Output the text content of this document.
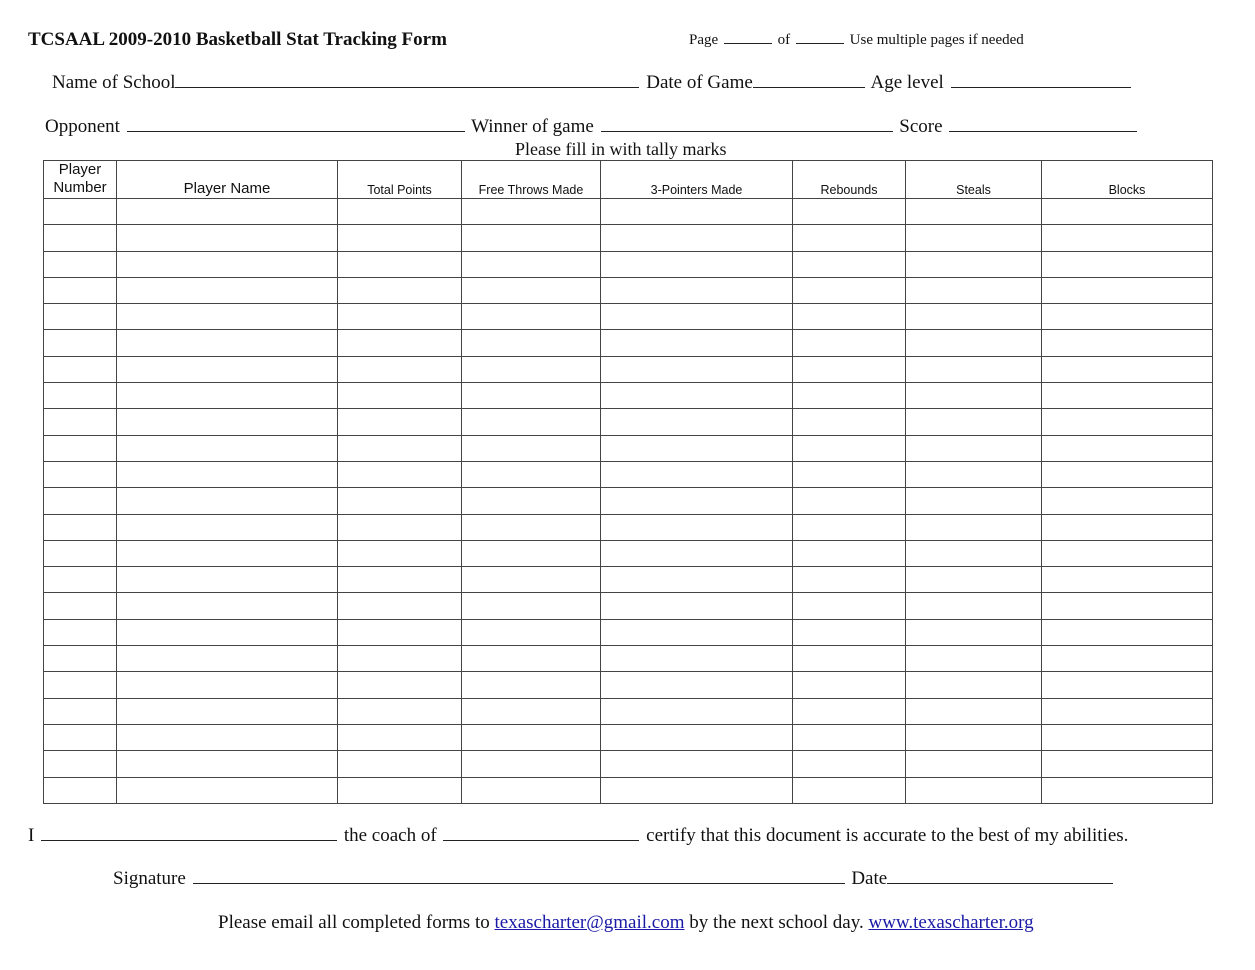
TCSAAL 2009-2010 Basketball Stat Tracking Form	Page	of	Use multiple pages if needed
Name of School	Date of Game	Age level
Opponent	Winner of game	Score
Please fill in with tally marks
Player Number	Player Name	Total Points	Free Throws Made	3-Pointers Made	Rebounds	Steals	Blocks

I	the coach of	certify that this document is accurate to the best of my abilities.
Signature	Date
Please email all completed forms to texascharter@gmail.com by the next school day. www.texascharter.org
